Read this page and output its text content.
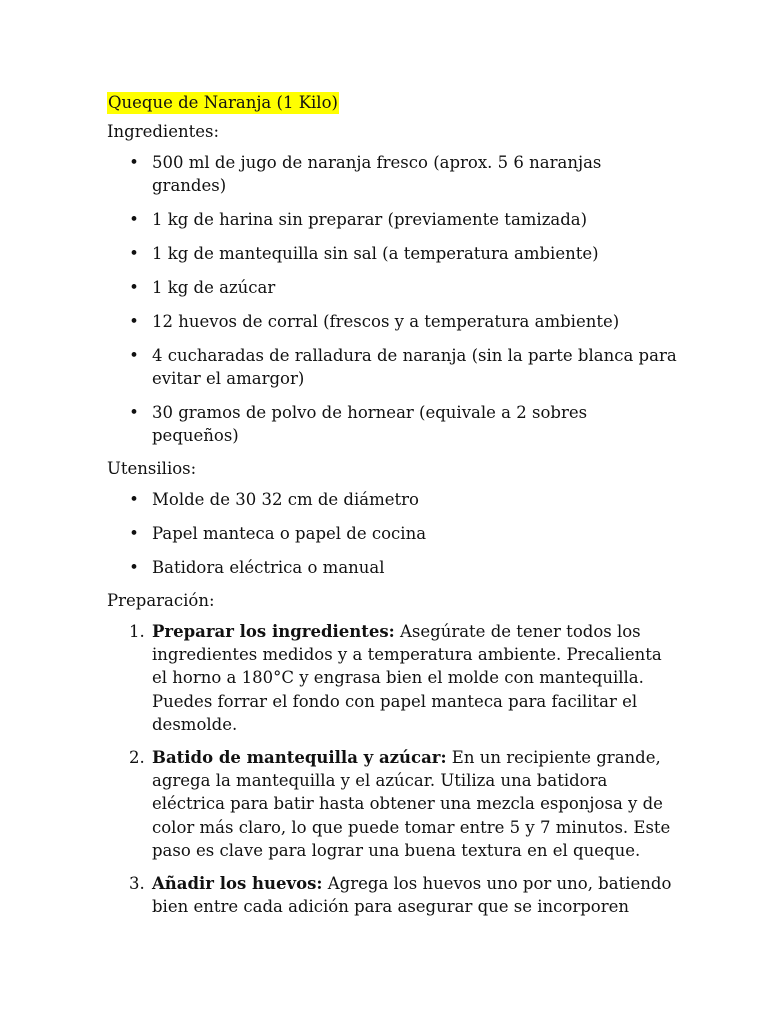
Queque de Naranja (1 Kilo)
Ingredientes:
• 500 ml de jugo de naranja fresco (aprox. 5 6 naranjas grandes)
• 1 kg de harina sin preparar (previamente tamizada)
• 1 kg de mantequilla sin sal (a temperatura ambiente)
• 1 kg de azúcar
• 12 huevos de corral (frescos y a temperatura ambiente)
• 4 cucharadas de ralladura de naranja (sin la parte blanca para evitar el amargor)
• 30 gramos de polvo de hornear (equivale a 2 sobres pequeños)
Utensilios:
• Molde de 30 32 cm de diámetro
• Papel manteca o papel de cocina
• Batidora eléctrica o manual
Preparación:
1. Preparar los ingredientes: Asegúrate de tener todos los ingredientes medidos y a temperatura ambiente. Precalienta el horno a 180°C y engrasa bien el molde con mantequilla. Puedes forrar el fondo con papel manteca para facilitar el desmolde.
2. Batido de mantequilla y azúcar: En un recipiente grande, agrega la mantequilla y el azúcar. Utiliza una batidora eléctrica para batir hasta obtener una mezcla esponjosa y de color más claro, lo que puede tomar entre 5 y 7 minutos. Este paso es clave para lograr una buena textura en el queque.
3. Añadir los huevos: Agrega los huevos uno por uno, batiendo bien entre cada adición para asegurar que se incorporen
